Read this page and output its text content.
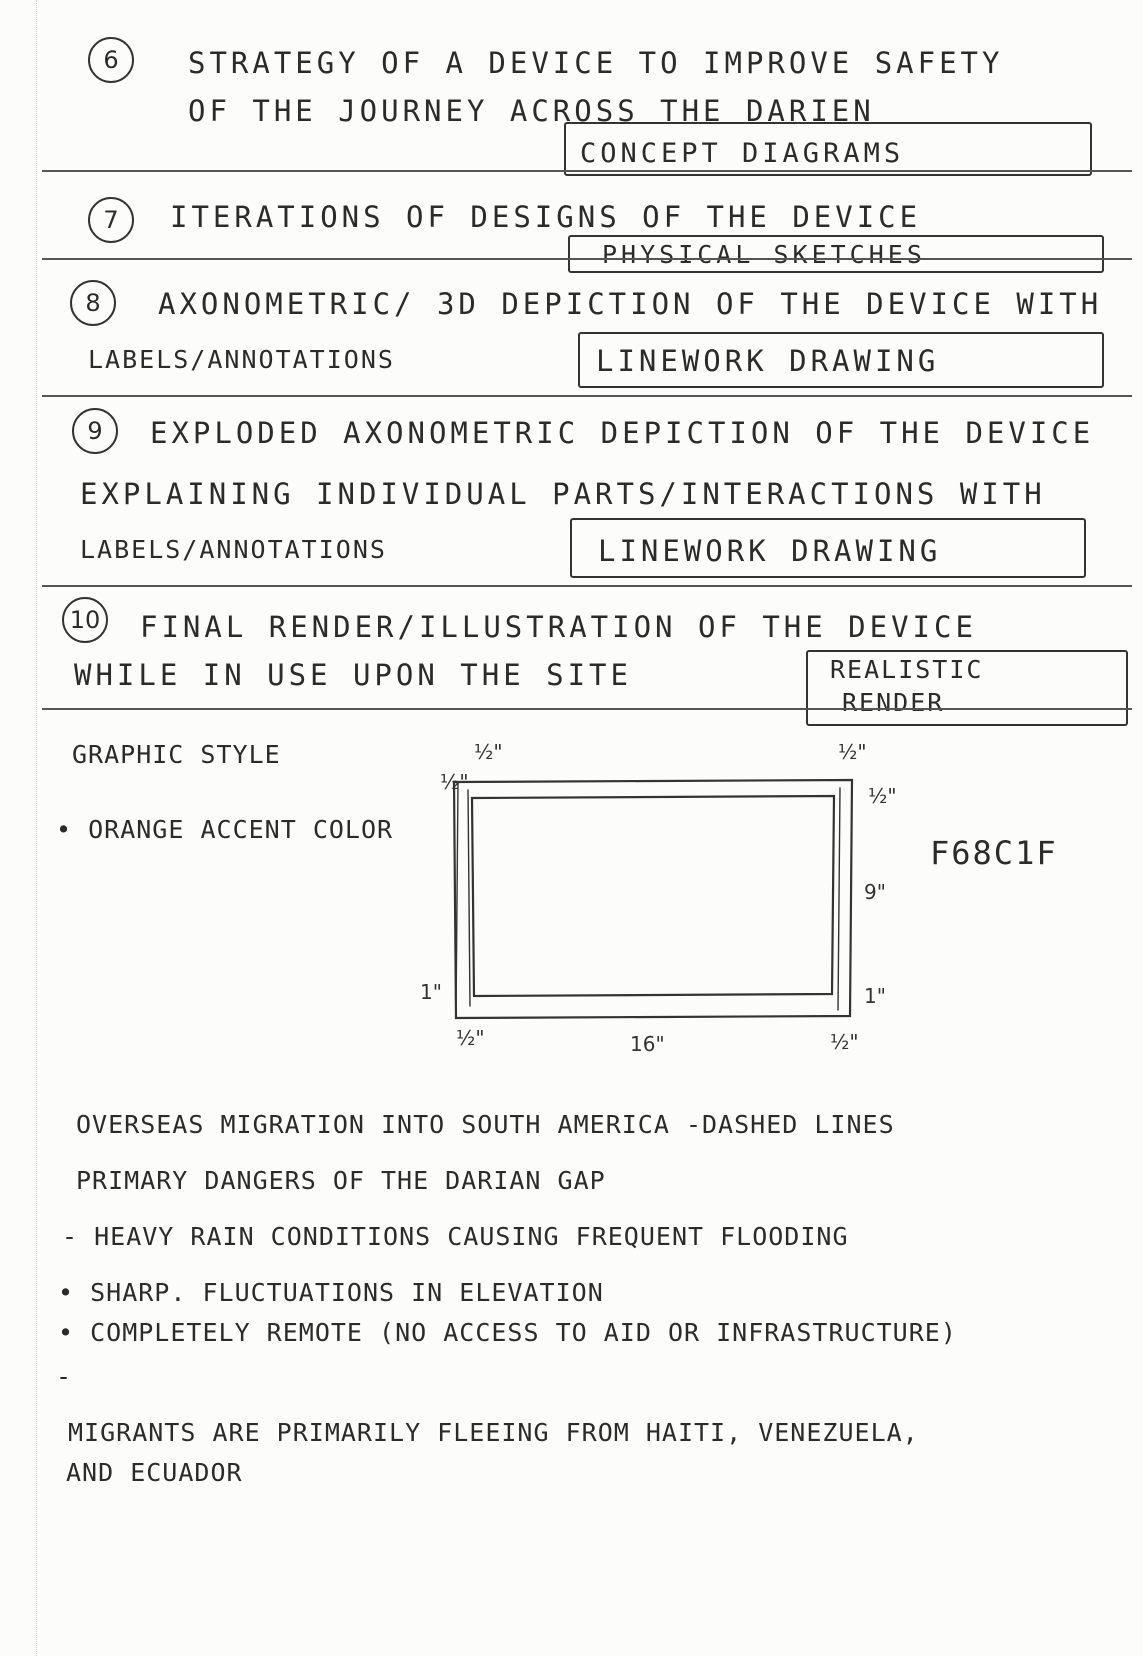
6	STRATEGY OF A DEVICE TO IMPROVE SAFETY
OF THE JOURNEY ACROSS THE DARIEN
CONCEPT DIAGRAMS
7	ITERATIONS OF DESIGNS OF THE DEVICE
PHYSICAL SKETCHES
8	AXONOMETRIC/ 3D DEPICTION OF THE DEVICE WITH
LABELS/ANNOTATIONS	LINEWORK DRAWING
9	EXPLODED AXONOMETRIC DEPICTION OF THE DEVICE
EXPLAINING INDIVIDUAL PARTS/INTERACTIONS WITH
LABELS/ANNOTATIONS	LINEWORK DRAWING
10 FINAL RENDER/ILLUSTRATION OF THE DEVICE
WHILE IN USE UPON THE SITE	REALISTIC
RENDER
GRAPHIC STYLE
• ORANGE ACCENT COLOR
F68C1F
½"
½"
½"
½"
9"
1"	1"
½"	16"	½"
OVERSEAS MIGRATION INTO SOUTH AMERICA -DASHED LINES
PRIMARY DANGERS OF THE DARIAN GAP
- HEAVY RAIN CONDITIONS CAUSING FREQUENT FLOODING
• SHARP. FLUCTUATIONS IN ELEVATION
• COMPLETELY REMOTE (NO ACCESS TO AID OR INFRASTRUCTURE)
-
MIGRANTS ARE PRIMARILY FLEEING FROM HAITI, VENEZUELA,
AND ECUADOR
